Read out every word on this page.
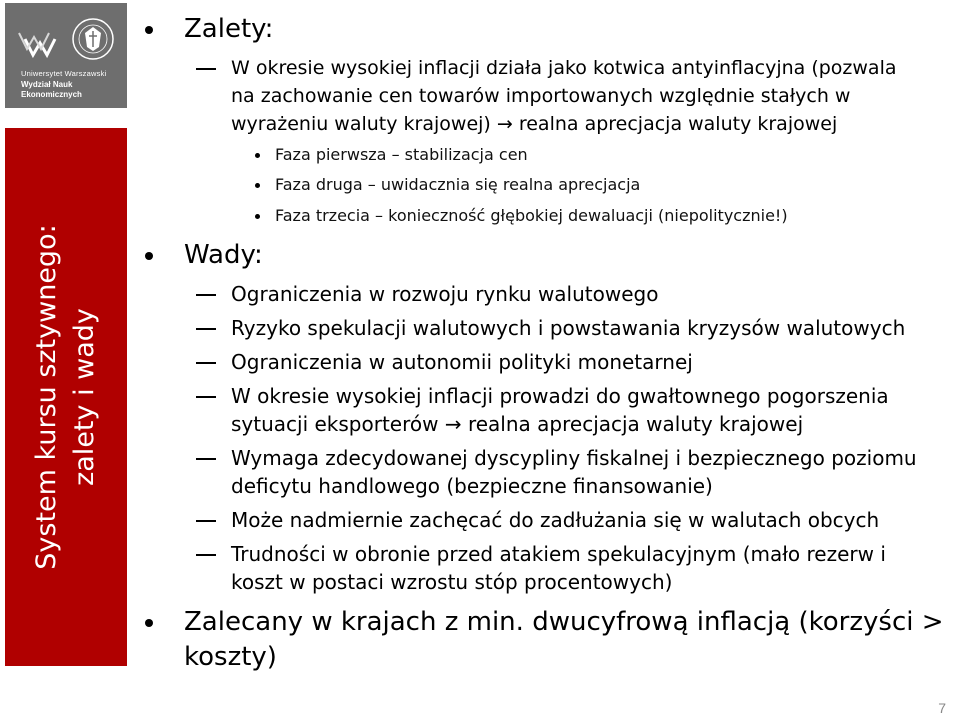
Uniwersytet Warszawski
Wydział Nauk
Ekonomicznych
System kursu sztywnego: zalety i wady
Zalety:
W okresie wysokiej inflacji działa jako kotwica antyinflacyjna (pozwala
na zachowanie cen towarów importowanych względnie stałych w
wyrażeniu waluty krajowej) → realna aprecjacja waluty krajowej
Faza pierwsza – stabilizacja cen
Faza druga – uwidacznia się realna aprecjacja
Faza trzecia – konieczność głębokiej dewaluacji (niepolitycznie!)
Wady:
Ograniczenia w rozwoju rynku walutowego
Ryzyko spekulacji walutowych i powstawania kryzysów walutowych
Ograniczenia w autonomii polityki monetarnej
W okresie wysokiej inflacji prowadzi do gwałtownego pogorszenia
sytuacji eksporterów → realna aprecjacja waluty krajowej
Wymaga zdecydowanej dyscypliny fiskalnej i bezpiecznego poziomu
deficytu handlowego (bezpieczne finansowanie)
Może nadmiernie zachęcać do zadłużania się w walutach obcych
Trudności w obronie przed atakiem spekulacyjnym (mało rezerw i
koszt w postaci wzrostu stóp procentowych)
Zalecany w krajach z min. dwucyfrową inflacją (korzyści >
koszty)
7
